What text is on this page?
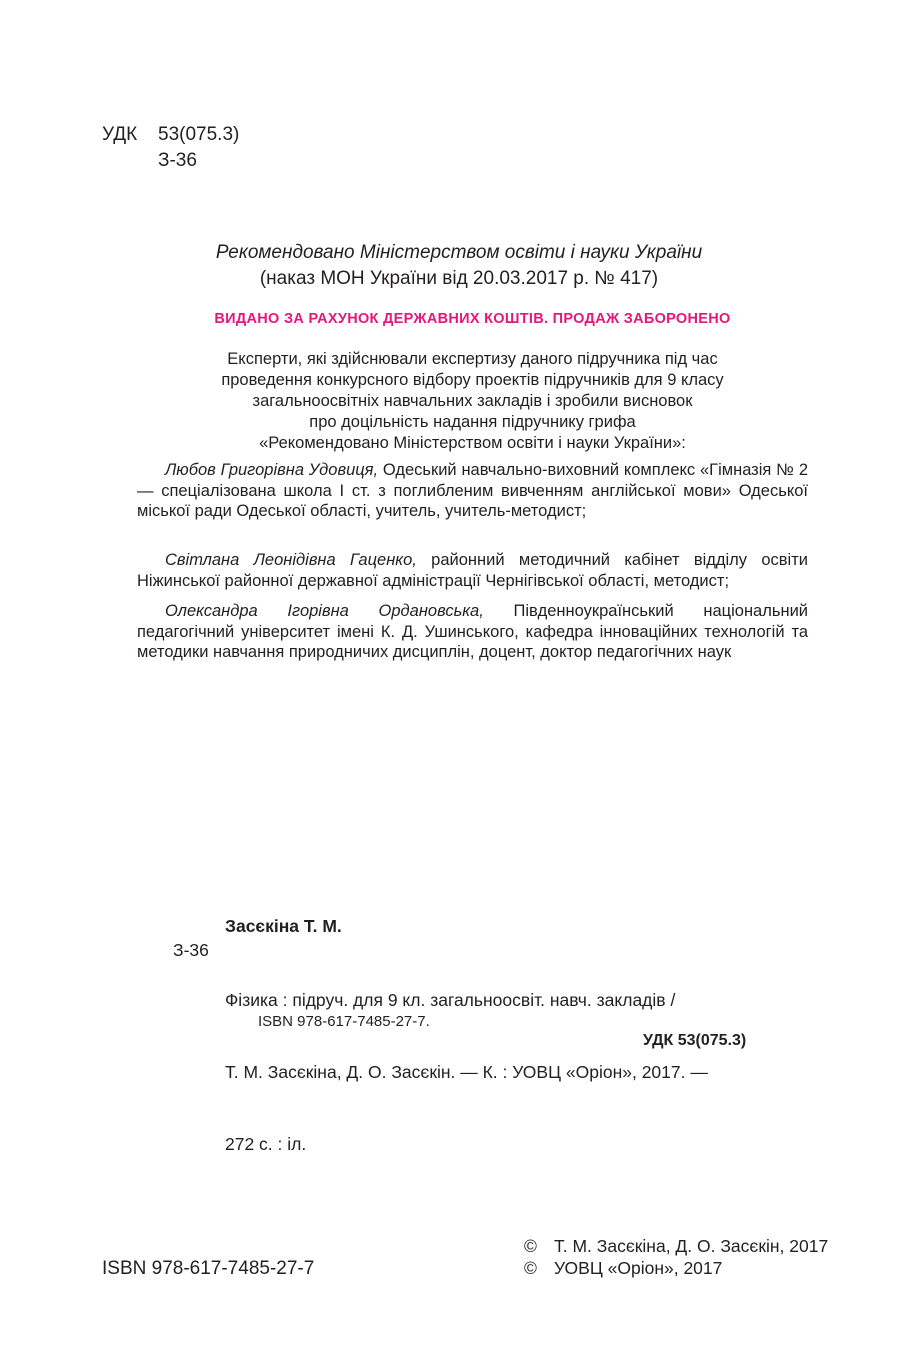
УДК 53(075.3)
З-36
Рекомендовано Міністерством освіти і науки України
(наказ МОН України від 20.03.2017 р. № 417)
ВИДАНО ЗА РАХУНОК ДЕРЖАВНИХ КОШТІВ. ПРОДАЖ ЗАБОРОНЕНО
Експерти, які здійснювали експертизу даного підручника під час
проведення конкурсного відбору проектів підручників для 9 класу
загальноосвітніх навчальних закладів і зробили висновок
про доцільність надання підручнику грифа
«Рекомендовано Міністерством освіти і науки України»:
Любов Григорівна Удовиця, Одеський навчально-виховний комплекс «Гімназія № 2 — спеціалізована школа І ст. з поглибленим вивченням англійської мови» Одеської міської ради Одеської області, учитель, учитель-методист;
Світлана Леонідівна Гаценко, районний методичний кабінет відділу освіти Ніжинської районної державної адміністрації Чернігівської області, методист;
Олександра Ігорівна Ордановська, Південноукраїнський національний педагогічний університет імені К. Д. Ушинського, кафедра інноваційних технологій та методики навчання природничих дисциплін, доцент, доктор педагогічних наук
Засєкіна Т. М.
З-36

Фізика : підруч. для 9 кл. загальноосвіт. навч. закладів /

Т. М. Засєкіна, Д. О. Засєкін. — К. : УОВЦ «Оріон», 2017. —

272 с. : іл.

ISBN 978-617-7485-27-7.
УДК 53(075.3)
ISBN 978-617-7485-27-7
© Т. М. Засєкіна, Д. О. Засєкін, 2017
© УОВЦ «Оріон», 2017
